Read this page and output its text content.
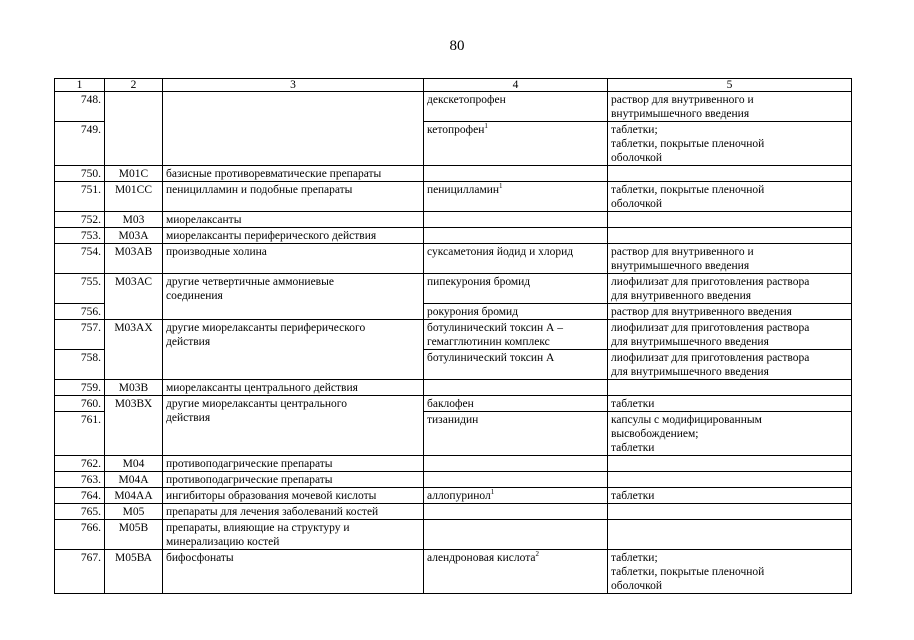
80
1	2	3	4	5
748.			декскетопрофен	раствор для внутривенного и
внутримышечного введения
749.			кетопрофен$^1$	таблетки;
таблетки, покрытые пленочной
оболочкой
750.	М01С	базисные противоревматические препараты		
751.	М01СС	пеницилламин и подобные препараты	пеницилламин$^1$	таблетки, покрытые пленочной
оболочкой
752.	М03	миорелаксанты		
753.	М03А	миорелаксанты периферического действия		
754.	М03АВ	производные холина	суксаметония йодид и хлорид	раствор для внутривенного и
внутримышечного введения
755.	М03АС	другие четвертичные аммониевые
соединения	пипекурония бромид	лиофилизат для приготовления раствора
для внутривенного введения
756.			рокурония бромид	раствор для внутривенного введения
757.	М03АХ	другие миорелаксанты периферического
действия	ботулинический токсин А –
гемагглютинин комплекс	лиофилизат для приготовления раствора
для внутримышечного введения
758.			ботулинический токсин А	лиофилизат для приготовления раствора
для внутримышечного введения
759.	М03В	миорелаксанты центрального действия		
760.	М03ВХ	другие миорелаксанты центрального
действия	баклофен	таблетки
761.			тизанидин	капсулы с модифицированным
высвобождением;
таблетки
762.	М04	противоподагрические препараты		
763.	М04А	противоподагрические препараты		
764.	М04АА	ингибиторы образования мочевой кислоты	аллопуринол$^1$	таблетки
765.	М05	препараты для лечения заболеваний костей		
766.	М05В	препараты, влияющие на структуру и
минерализацию костей		
767.	М05ВА	бифосфонаты	алендроновая кислота$^2$	таблетки;
таблетки, покрытые пленочной
оболочкой
